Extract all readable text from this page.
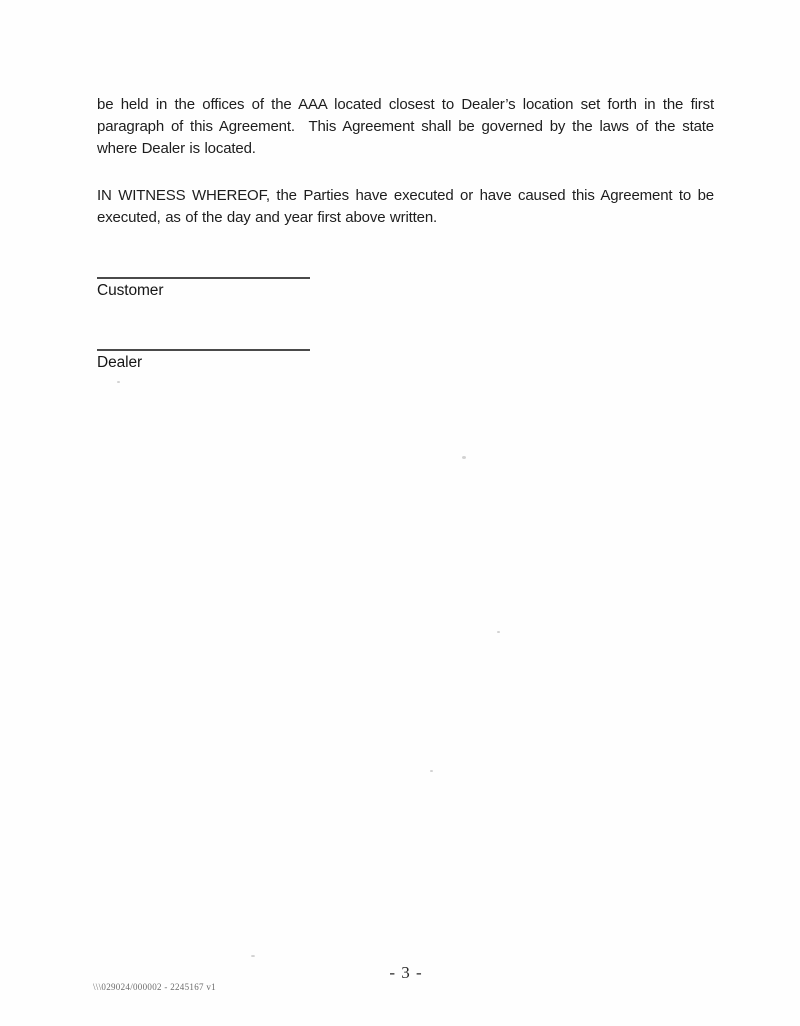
be held in the offices of the AAA located closest to Dealer’s location set forth in the first paragraph of this Agreement.  This Agreement shall be governed by the laws of the state where Dealer is located.

IN WITNESS WHEREOF, the Parties have executed or have caused this Agreement to be executed, as of the day and year first above written.

Customer
Dealer
- 3 -
\\\029024/000002 - 2245167 v1
